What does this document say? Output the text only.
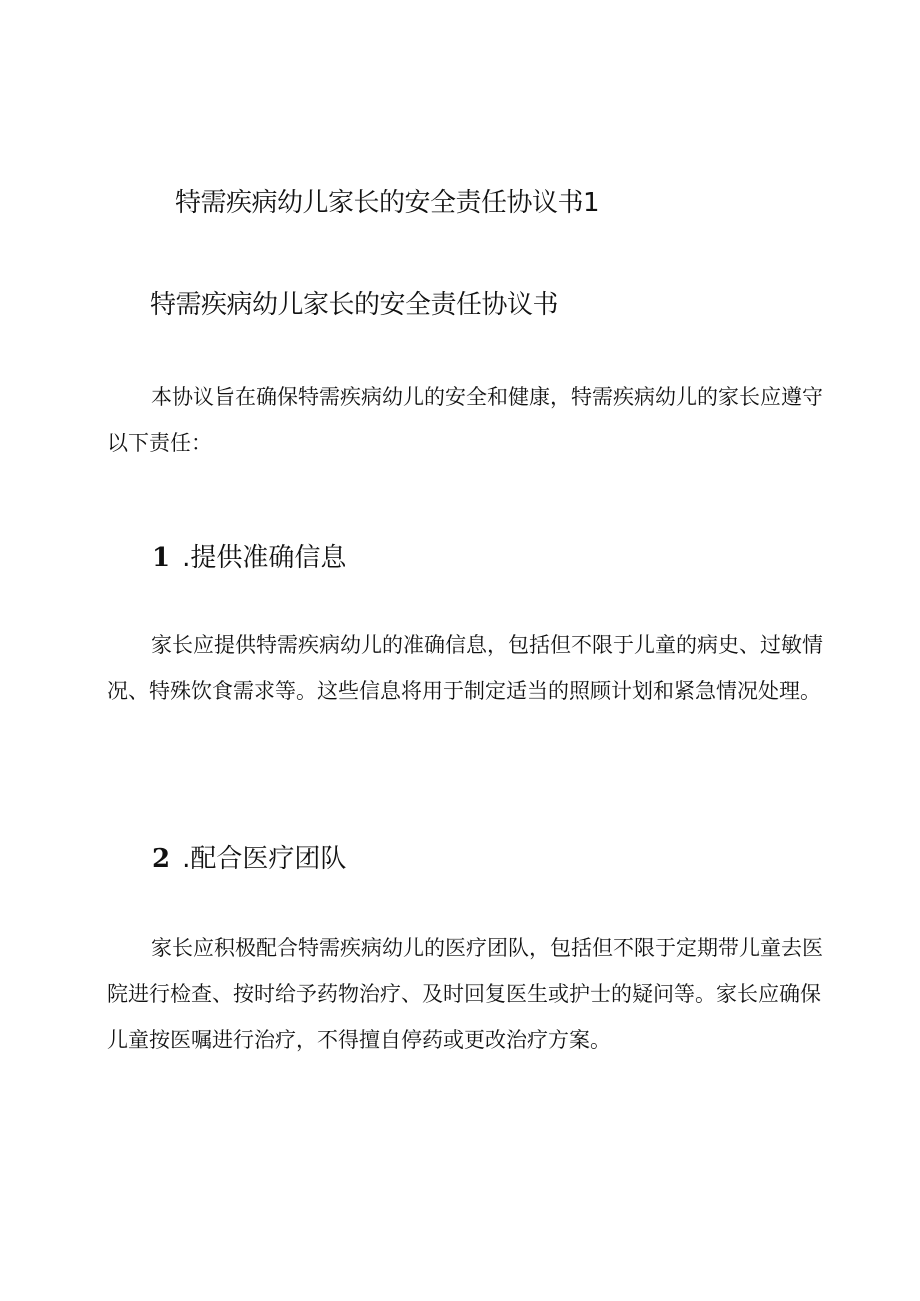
特需疾病幼儿家长的安全责任协议书1
特需疾病幼儿家长的安全责任协议书

本协议旨在确保特需疾病幼儿的安全和健康，特需疾病幼儿的家长应遵守以下责任：

1 .提供准确信息

家长应提供特需疾病幼儿的准确信息，包括但不限于儿童的病史、过敏情况、特殊饮食需求等。这些信息将用于制定适当的照顾计划和紧急情况处理。

2 .配合医疗团队

家长应积极配合特需疾病幼儿的医疗团队，包括但不限于定期带儿童去医院进行检查、按时给予药物治疗、及时回复医生或护士的疑问等。家长应确保儿童按医嘱进行治疗，不得擅自停药或更改治疗方案。
